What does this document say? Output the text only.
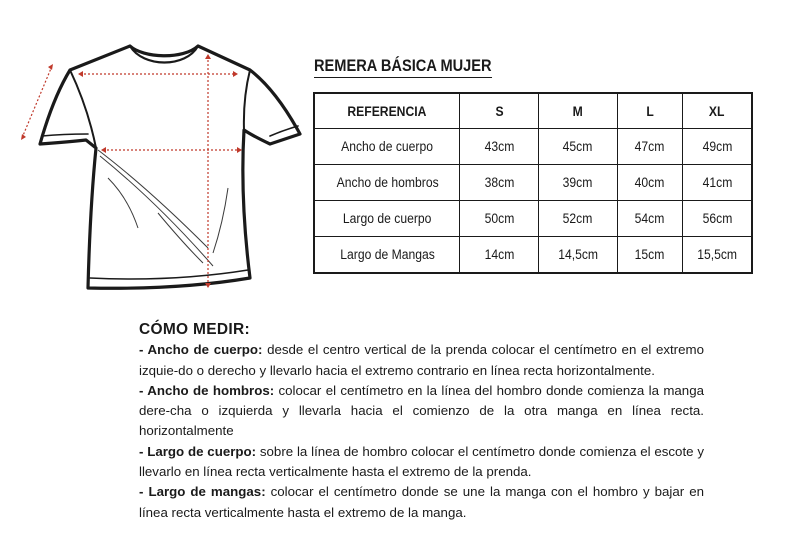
REMERA BÁSICA MUJER
REFERENCIA	S	M	L	XL
Ancho de cuerpo	43cm	45cm	47cm	49cm
Ancho de hombros	38cm	39cm	40cm	41cm
Largo de cuerpo	50cm	52cm	54cm	56cm
Largo de Mangas	14cm	14,5cm	15cm	15,5cm
CÓMO MEDIR:

- Ancho de cuerpo: desde el centro vertical de la prenda colocar el centímetro en el extremo izquie-do o derecho y llevarlo hacia el extremo contrario en línea recta horizontalmente.

- Ancho de hombros: colocar el centímetro en la línea del hombro donde comienza la manga dere-cha o izquierda y llevarla hacia el comienzo de la otra manga en línea recta. horizontalmente

- Largo de cuerpo: sobre la línea de hombro colocar el centímetro donde comienza el escote y llevarlo en línea recta verticalmente hasta el extremo de la prenda.

- Largo de mangas: colocar el centímetro donde se une la manga con el hombro y bajar en línea recta verticalmente hasta el extremo de la manga.
